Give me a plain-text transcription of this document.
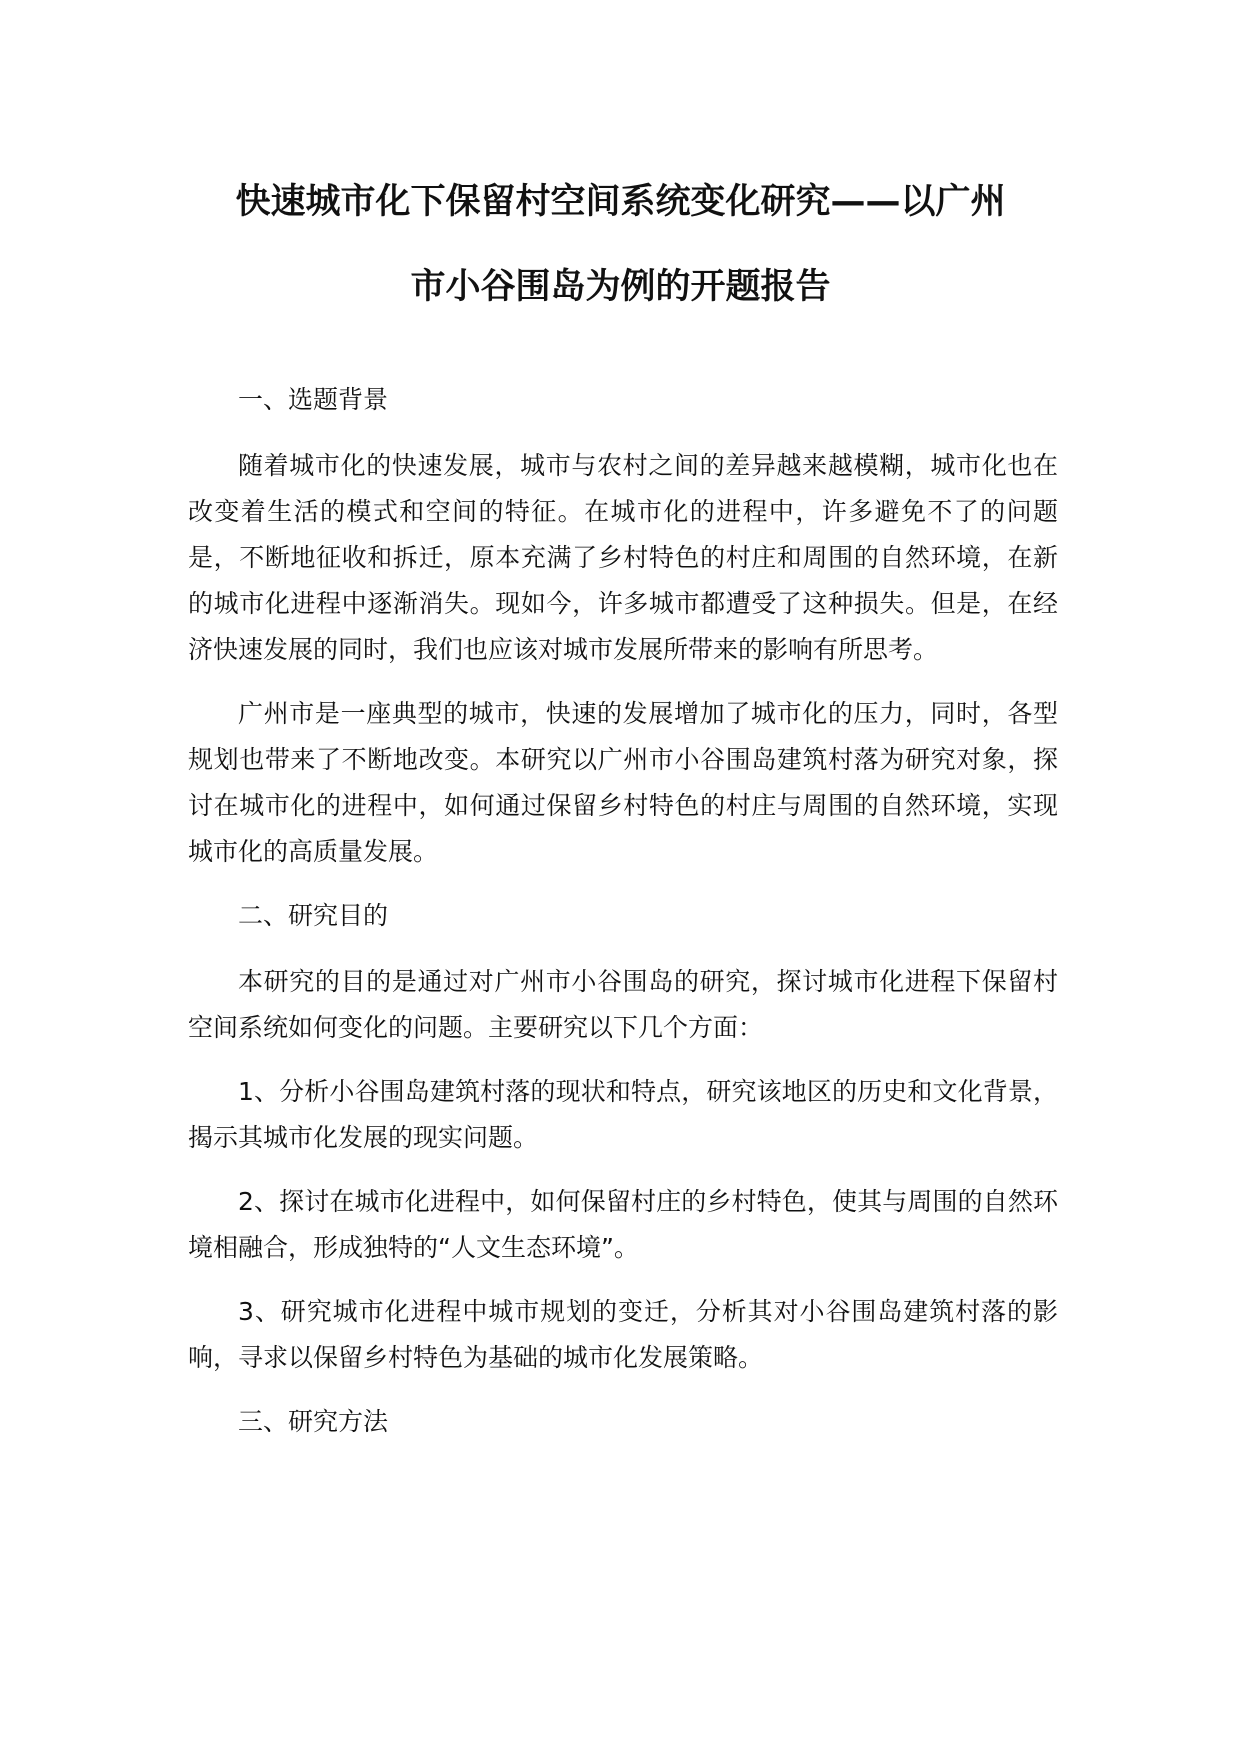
快速城市化下保留村空间系统变化研究——以广州
市小谷围岛为例的开题报告

一、选题背景

随着城市化的快速发展，城市与农村之间的差异越来越模糊，城市化也在改变着生活的模式和空间的特征。在城市化的进程中，许多避免不了的问题是，不断地征收和拆迁，原本充满了乡村特色的村庄和周围的自然环境，在新的城市化进程中逐渐消失。现如今，许多城市都遭受了这种损失。但是，在经济快速发展的同时，我们也应该对城市发展所带来的影响有所思考。

广州市是一座典型的城市，快速的发展增加了城市化的压力，同时，各型规划也带来了不断地改变。本研究以广州市小谷围岛建筑村落为研究对象，探讨在城市化的进程中，如何通过保留乡村特色的村庄与周围的自然环境，实现城市化的高质量发展。

二、研究目的

本研究的目的是通过对广州市小谷围岛的研究，探讨城市化进程下保留村空间系统如何变化的问题。主要研究以下几个方面：

1、分析小谷围岛建筑村落的现状和特点，研究该地区的历史和文化背景，揭示其城市化发展的现实问题。

2、探讨在城市化进程中，如何保留村庄的乡村特色，使其与周围的自然环境相融合，形成独特的“人文生态环境”。

3、研究城市化进程中城市规划的变迁，分析其对小谷围岛建筑村落的影响，寻求以保留乡村特色为基础的城市化发展策略。

三、研究方法
